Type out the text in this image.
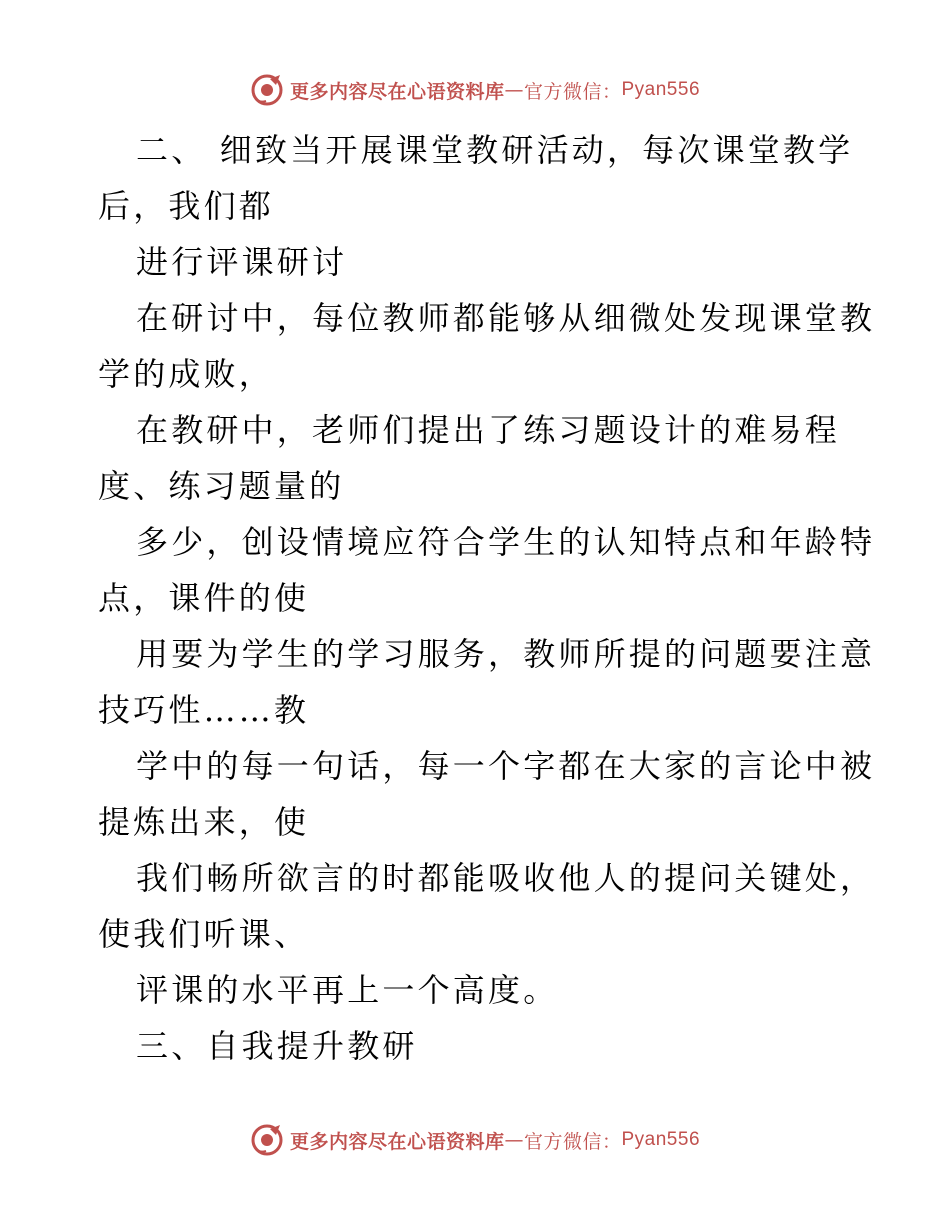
更多内容尽在心语资料库 — 官方微信： Pyan556
二、 细致当开展课堂教研活动，每次课堂教学
后，我们都
进行评课研讨
在研讨中，每位教师都能够从细微处发现课堂教
学的成败，
在教研中，老师们提出了练习题设计的难易程
度、练习题量的
多少，创设情境应符合学生的认知特点和年龄特
点，课件的使
用要为学生的学习服务，教师所提的问题要注意
技巧性……教
学中的每一句话，每一个字都在大家的言论中被
提炼出来，使
我们畅所欲言的时都能吸收他人的提问关键处，
使我们听课、
评课的水平再上一个高度。
三、自我提升教研
更多内容尽在心语资料库 — 官方微信： Pyan556
